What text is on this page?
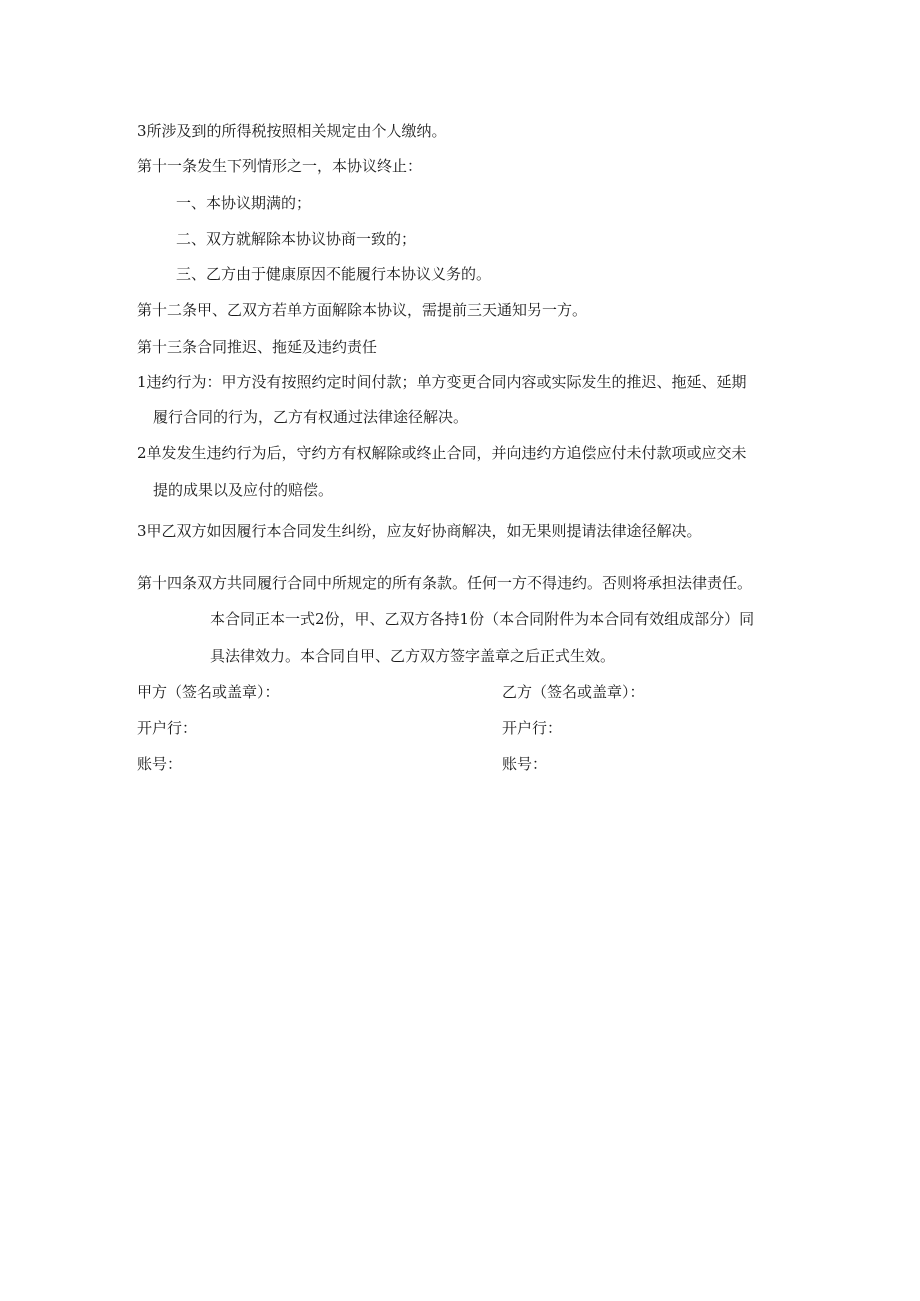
3所涉及到的所得税按照相关规定由个人缴纳。
第十一条发生下列情形之一，本协议终止：
一、本协议期满的；
二、双方就解除本协议协商一致的；
三、乙方由于健康原因不能履行本协议义务的。
第十二条甲、乙双方若单方面解除本协议，需提前三天通知另一方。
第十三条合同推迟、拖延及违约责任
1违约行为：甲方没有按照约定时间付款；单方变更合同内容或实际发生的推迟、拖延、延期
履行合同的行为，乙方有权通过法律途径解决。
2单发发生违约行为后，守约方有权解除或终止合同，并向违约方追偿应付未付款项或应交未
提的成果以及应付的赔偿。
3甲乙双方如因履行本合同发生纠纷，应友好协商解决，如无果则提请法律途径解决。
第十四条双方共同履行合同中所规定的所有条款。任何一方不得违约。否则将承担法律责任。
本合同正本一式2份，甲、乙双方各持1份（本合同附件为本合同有效组成部分）同
具法律效力。本合同自甲、乙方双方签字盖章之后正式生效。
甲方（签名或盖章）：
开户行：
账号：
乙方（签名或盖章）：
开户行：
账号：
